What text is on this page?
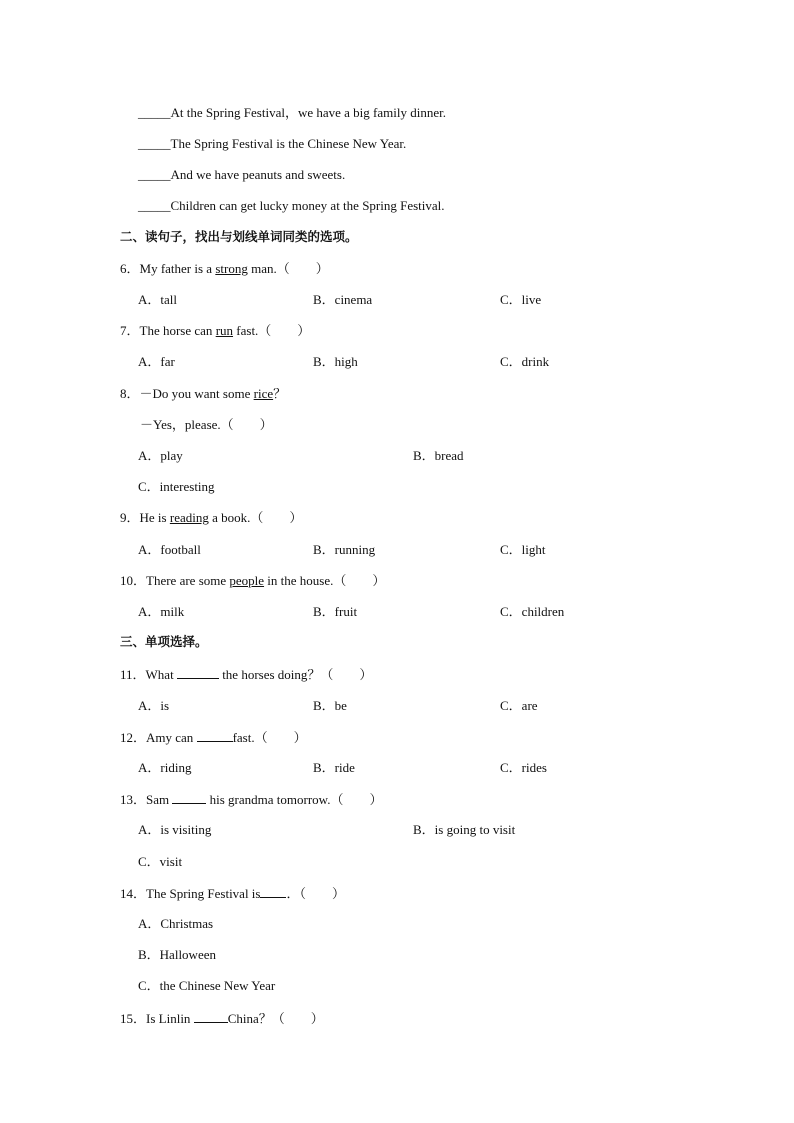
_____At the Spring Festival，we have a big family dinner.
_____The Spring Festival is the Chinese New Year.
_____And we have peanuts and sweets.
_____Children can get lucky money at the Spring Festival.
二、读句子，找出与划线单词同类的选项。
6．My father is a strong man.（　　）
A．tall	B．cinema	C．live
7．The horse can run fast.（　　）
A．far	B．high	C．drink
8．－Do you want some rice？
－Yes，please.（　　）
A．play	B．bread
C．interesting
9．He is reading a book.（　　）
A．football	B．running	C．light
10．There are some people in the house.（　　）
A．milk	B．fruit	C．children
三、单项选择。
11．What	the horses doing？（　　）
A．is	B．be	C．are
12．Amy can	fast.（　　）
A．riding	B．ride	C．rides
13．Sam	his grandma tomorrow.（　　）
A．is visiting	B．is going to visit
C．visit
14．The Spring Festival is ．（　　）
A．Christmas
B．Halloween
C．the Chinese New Year
15．Is Linlin	China？（　　）
